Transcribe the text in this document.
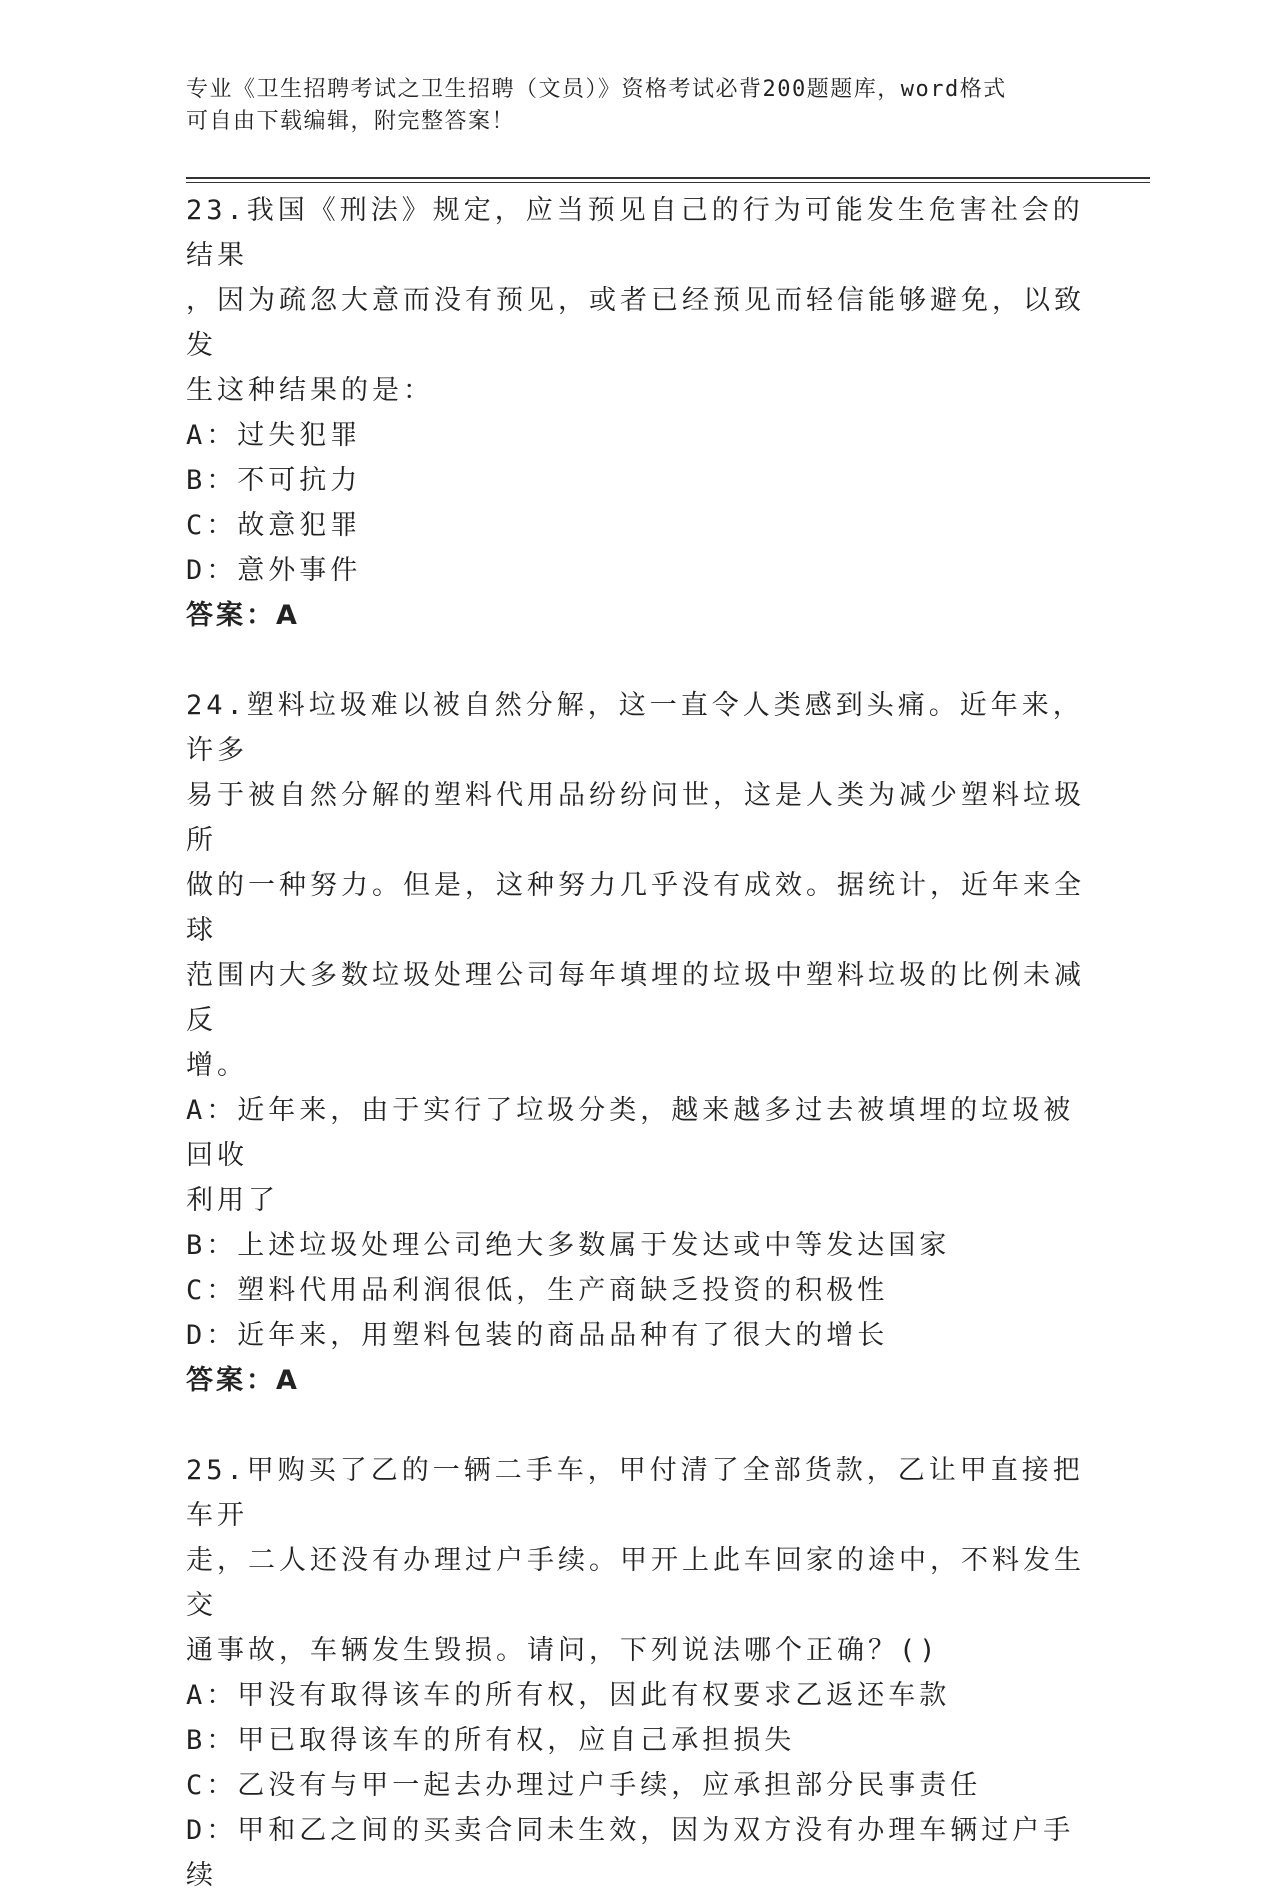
专业《卫生招聘考试之卫生招聘（文员）》资格考试必背200题题库，word格式
可自由下载编辑，附完整答案！

23.我国《刑法》规定，应当预见自己的行为可能发生危害社会的结果

，因为疏忽大意而没有预见，或者已经预见而轻信能够避免，以致发

生这种结果的是：

A：过失犯罪

B：不可抗力

C：故意犯罪

D：意外事件

答案：A

24.塑料垃圾难以被自然分解，这一直令人类感到头痛。近年来，许多

易于被自然分解的塑料代用品纷纷问世，这是人类为减少塑料垃圾所

做的一种努力。但是，这种努力几乎没有成效。据统计，近年来全球

范围内大多数垃圾处理公司每年填埋的垃圾中塑料垃圾的比例未减反

增。

A：近年来，由于实行了垃圾分类，越来越多过去被填埋的垃圾被回收

利用了

B：上述垃圾处理公司绝大多数属于发达或中等发达国家

C：塑料代用品利润很低，生产商缺乏投资的积极性

D：近年来，用塑料包装的商品品种有了很大的增长

答案：A

25.甲购买了乙的一辆二手车，甲付清了全部货款，乙让甲直接把车开

走，二人还没有办理过户手续。甲开上此车回家的途中，不料发生交

通事故，车辆发生毁损。请问，下列说法哪个正确？()

A：甲没有取得该车的所有权，因此有权要求乙返还车款

B：甲已取得该车的所有权，应自己承担损失

C：乙没有与甲一起去办理过户手续，应承担部分民事责任

D：甲和乙之间的买卖合同未生效，因为双方没有办理车辆过户手续
